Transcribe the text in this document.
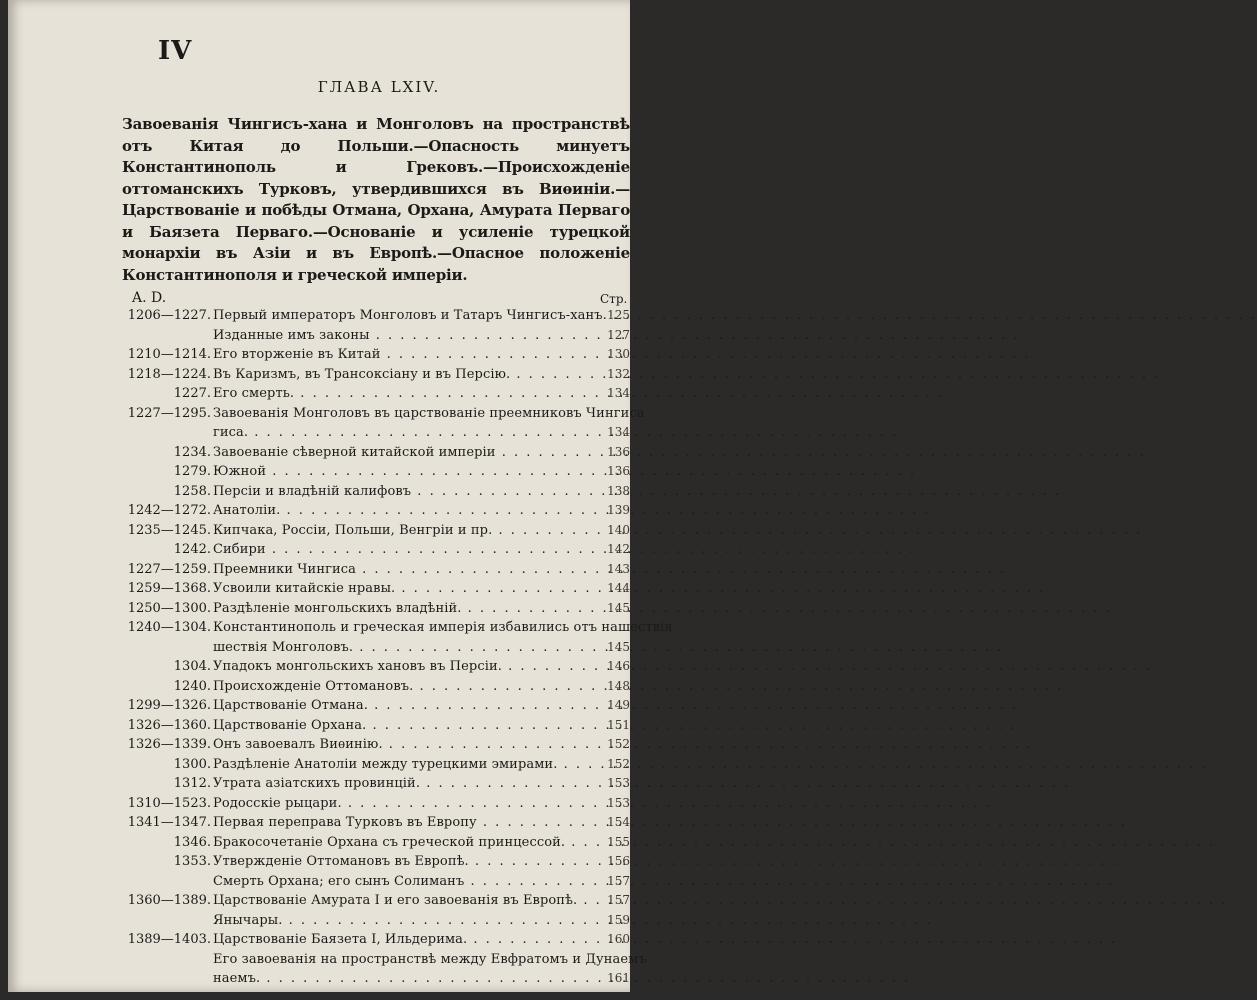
IV
ГЛАВА LXIV.
Завоеванія Чингисъ-хана и Монголовъ на пространствѣ отъ Китая до Польши.—Опасность минуетъ Константинополь и Грековъ.—Происхожденіе оттоманскихъ Турковъ, утвердившихся въ Виѳиніи.—Царствованіе и побѣды Отмана, Орхана, Амурата Перваго и Баязета Перваго.—Основаніе и усиленіе турецкой монархіи въ Азіи и въ Европѣ.—Опасное положеніе Константинополя и греческой имперіи.
A. D.	Стр.
1206—1227. Первый императоръ Монголовъ и Татаръ Чингисъ-ханъ. . . . 125
Изданные имъ законы . . .	127
1210—1214. Его вторженіе въ Китай . . .	130
1218—1224. Въ Каризмъ, въ Трансоксіану и въ Персію. . . .	132
1227. Его смерть. . . .	134
1227—1295. Завоеванія Монголовъ въ царствованіе преемниковъ Чингиса
гиса. . . .	134
1234. Завоеваніе сѣверной китайской имперіи . . .	136
1279. Южной . . .	136
1258. Персіи и владѣній калифовъ . . .	138
1242—1272. Анатоліи. . . .	139
1235—1245. Кипчака, Россіи, Польши, Венгріи и пр. . . .	140
1242. Сибири . . .	142
1227—1259. Преемники Чингиса . . .	143
1259—1368. Усвоили китайскіе нравы. . . .	144
1250—1300. Раздѣленіе монгольскихъ владѣній. . . .	145
1240—1304. Константинополь и греческая имперія избавились отъ нашествія
шествія Монголовъ. . . .	145
1304. Упадокъ монгольскихъ хановъ въ Персіи. . . .	146
1240. Происхожденіе Оттомановъ. . . .	148
1299—1326. Царствованіе Отмана. . . .	149
1326—1360. Царствованіе Орхана. . . .	151
1326—1339. Онъ завоевалъ Виѳинію. . . .	152
1300. Раздѣленіе Анатоліи между турецкими эмирами. . . .	152
1312. Утрата азіатскихъ провинцій. . . .	153
1310—1523. Родосскіе рыцари. . . .	153
1341—1347. Первая переправа Турковъ въ Европу . . .	154
1346. Бракосочетаніе Орхана съ греческой принцессой. . . .	155
1353. Утвержденіе Оттомановъ въ Европѣ. . . .	156
Смерть Орхана; его сынъ Солиманъ . . .	157
1360—1389. Царствованіе Амурата I и его завоеванія въ Европѣ. . . .	157
Янычары. . . .	159
1389—1403. Царствованіе Баязета I, Ильдерима. . . .	160
Его завоеванія на пространствѣ между Евфратомъ и Дунаемъ
наемъ. . . .	161
